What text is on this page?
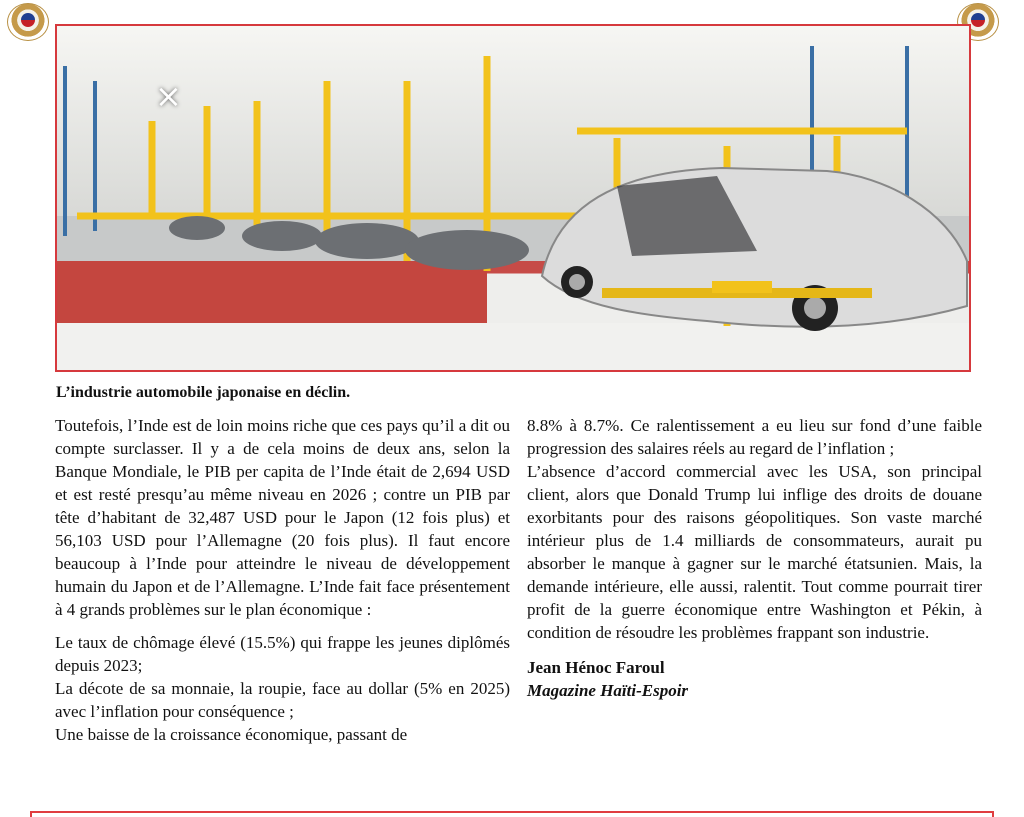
×

L’industrie automobile japonaise en déclin.

Toutefois, l’Inde est de loin moins riche que ces pays qu’il a dit ou compte surclasser. Il y a de cela moins de deux ans, selon la Banque Mondiale, le PIB per capita de l’Inde était de 2,694 USD et est resté presqu’au même niveau en 2026 ; contre un PIB par tête d’habitant de 32,487 USD pour le Japon (12 fois plus) et 56,103 USD pour l’Allemagne (20 fois plus). Il faut encore beaucoup à l’Inde pour atteindre le niveau de développement humain du Japon et de l’Allemagne. L’Inde fait face présentement à 4 grands problèmes sur le plan économique :

Le taux de chômage élevé (15.5%) qui frappe les jeunes diplômés depuis 2023;

La décote de sa monnaie, la roupie, face au dollar (5% en 2025) avec l’inflation pour conséquence ;

Une baisse de la croissance économique, passant de

8.8% à 8.7%. Ce ralentissement a eu lieu sur fond d’une faible progression des salaires réels au regard de l’inflation ;

L’absence d’accord commercial avec les USA, son principal client, alors que Donald Trump lui inflige des droits de douane exorbitants pour des raisons géopolitiques. Son vaste marché intérieur plus de 1.4 milliards de consommateurs, aurait pu absorber le manque à gagner sur le marché étatsunien. Mais, la demande intérieure, elle aussi, ralentit. Tout comme pourrait tirer profit de la guerre économique entre Washington et Pékin, à condition de résoudre les problèmes frappant son industrie.

Jean Hénoc Faroul

Magazine Haïti-Espoir
